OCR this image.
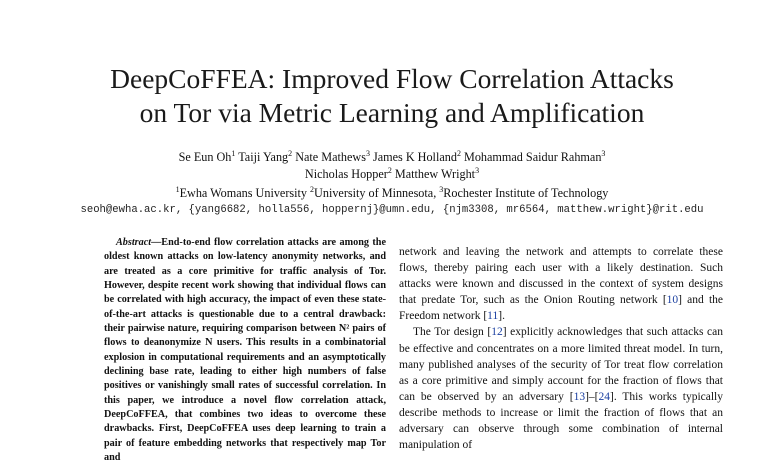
DeepCoFFEA: Improved Flow Correlation Attacks
on Tor via Metric Learning and Amplification
Se Eun Oh$^1$ Taiji Yang$^2$ Nate Mathews$^3$ James K Holland$^2$ Mohammad Saidur Rahman$^3$
Nicholas Hopper$^2$ Matthew Wright$^3$
$^1$Ewha Womans University $^2$University of Minnesota, $^3$Rochester Institute of Technology
seoh@ewha.ac.kr, {yang6682, holla556, hoppernj}@umn.edu, {njm3308, mr6564, matthew.wright}@rit.edu

Abstract—End-to-end flow correlation attacks are among the oldest known attacks on low-latency anonymity networks, and are treated as a core primitive for traffic analysis of Tor. However, despite recent work showing that individual flows can be correlated with high accuracy, the impact of even these state-of-the-art attacks is questionable due to a central drawback: their pairwise nature, requiring comparison between N² pairs of flows to deanonymize N users. This results in a combinatorial explosion in computational requirements and an asymptotically declining base rate, leading to either high numbers of false positives or vanishingly small rates of successful correlation. In this paper, we introduce a novel flow correlation attack, DeepCoFFEA, that combines two ideas to overcome these drawbacks. First, DeepCoFFEA uses deep learning to train a pair of feature embedding networks that respectively map Tor and

network and leaving the network and attempts to correlate these flows, thereby pairing each user with a likely destination. Such attacks were known and discussed in the context of system designs that predate Tor, such as the Onion Routing network [10] and the Freedom network [11].

The Tor design [12] explicitly acknowledges that such attacks can be effective and concentrates on a more limited threat model. In turn, many published analyses of the security of Tor treat flow correlation as a core primitive and simply account for the fraction of flows that can be observed by an adversary [13]–[24]. This works typically describe methods to increase or limit the fraction of flows that an adversary can observe through some combination of internal manipulation of
